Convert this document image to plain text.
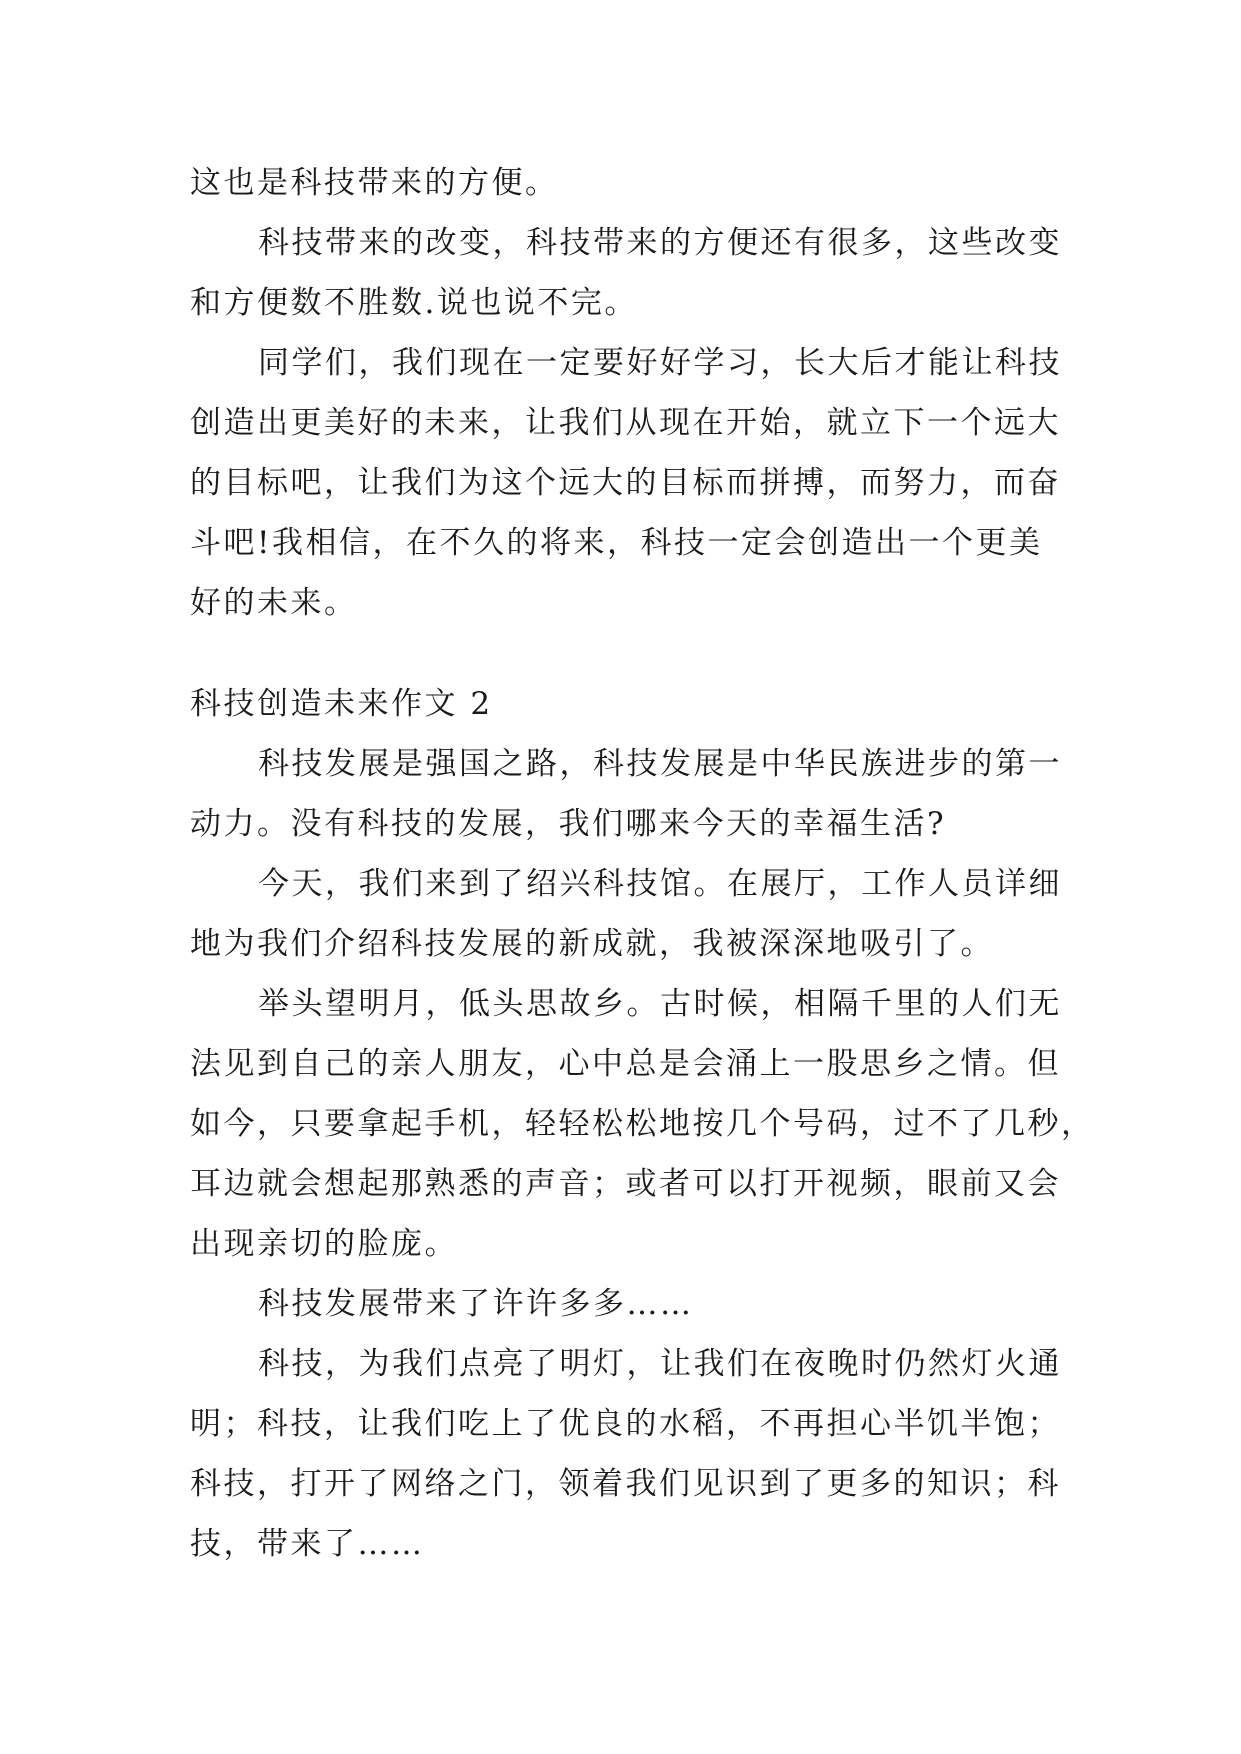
这也是科技带来的方便。
科技带来的改变，科技带来的方便还有很多，这些改变
和方便数不胜数.说也说不完。
同学们，我们现在一定要好好学习，长大后才能让科技
创造出更美好的未来，让我们从现在开始，就立下一个远大
的目标吧，让我们为这个远大的目标而拼搏，而努力，而奋
斗吧!我相信，在不久的将来，科技一定会创造出一个更美
好的未来。
科技创造未来作文 2
科技发展是强国之路，科技发展是中华民族进步的第一
动力。没有科技的发展，我们哪来今天的幸福生活?
今天，我们来到了绍兴科技馆。在展厅，工作人员详细
地为我们介绍科技发展的新成就，我被深深地吸引了。
举头望明月，低头思故乡。古时候，相隔千里的人们无
法见到自己的亲人朋友，心中总是会涌上一股思乡之情。但
如今，只要拿起手机，轻轻松松地按几个号码，过不了几秒，
耳边就会想起那熟悉的声音；或者可以打开视频，眼前又会
出现亲切的脸庞。
科技发展带来了许许多多……
科技，为我们点亮了明灯，让我们在夜晚时仍然灯火通
明；科技，让我们吃上了优良的水稻，不再担心半饥半饱；
科技，打开了网络之门，领着我们见识到了更多的知识；科
技，带来了……
